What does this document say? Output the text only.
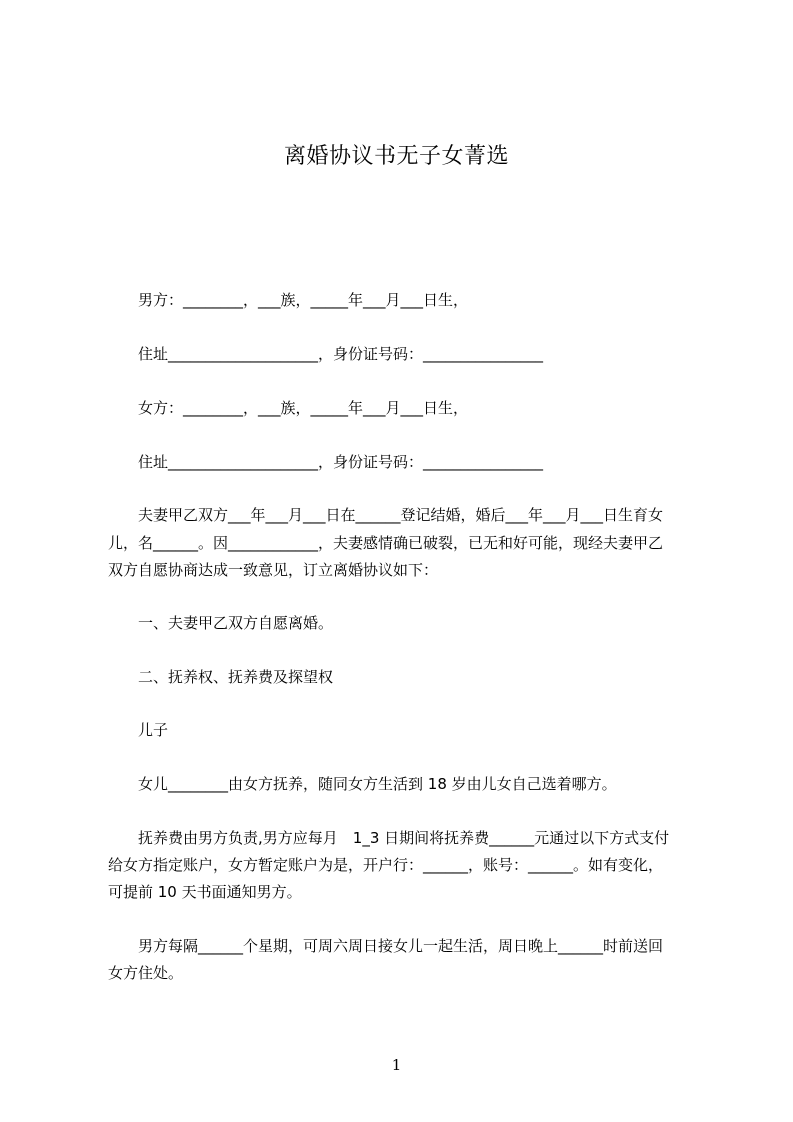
离婚协议书无子女菁选
　　男方：________，___族，_____年___月___日生，
　　住址____________________，身份证号码：________________
　　女方：________，___族，_____年___月___日生，
　　住址____________________，身份证号码：________________
　　夫妻甲乙双方___年___月___日在______登记结婚，婚后___年___月___日生育女
儿，名______。因____________，夫妻感情确已破裂，已无和好可能，现经夫妻甲乙
双方自愿协商达成一致意见，订立离婚协议如下：
　　一、夫妻甲乙双方自愿离婚。
　　二、抚养权、抚养费及探望权
　　儿子
　　女儿________由女方抚养，随同女方生活到 18 岁由儿女自己选着哪方。
　　抚养费由男方负责,男方应每月　1_3 日期间将抚养费______元通过以下方式支付
给女方指定账户，女方暂定账户为是，开户行：______，账号：______。如有变化，
可提前 10 天书面通知男方。
　　男方每隔______个星期，可周六周日接女儿一起生活，周日晚上______时前送回
女方住处。
1
